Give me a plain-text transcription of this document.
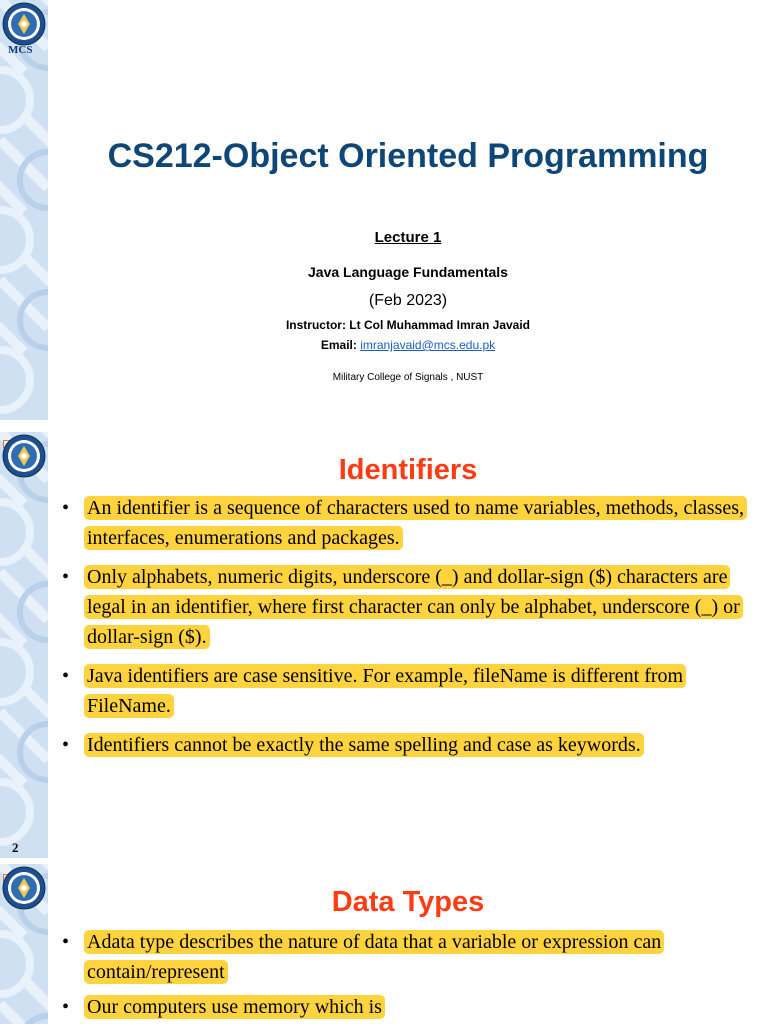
MCS
CS212-Object Oriented Programming
Lecture 1
Java Language Fundamentals
(Feb 2023)
Instructor: Lt Col Muhammad Imran Javaid
Email: imranjavaid@mcs.edu.pk
Military College of Signals , NUST
Identifiers
• An identifier is a sequence of characters used to name variables, methods, classes, interfaces, enumerations and packages.
• Only alphabets, numeric digits, underscore (_) and dollar-sign ($) characters are legal in an identifier, where first character can only be alphabet, underscore (_) or dollar-sign ($).
• Java identifiers are case sensitive. For example, fileName is different from FileName.
• Identifiers cannot be exactly the same spelling and case as keywords.
2
Data Types
• Adata type describes the nature of data that a variable or expression can contain/represent
• Our computers use memory which is
